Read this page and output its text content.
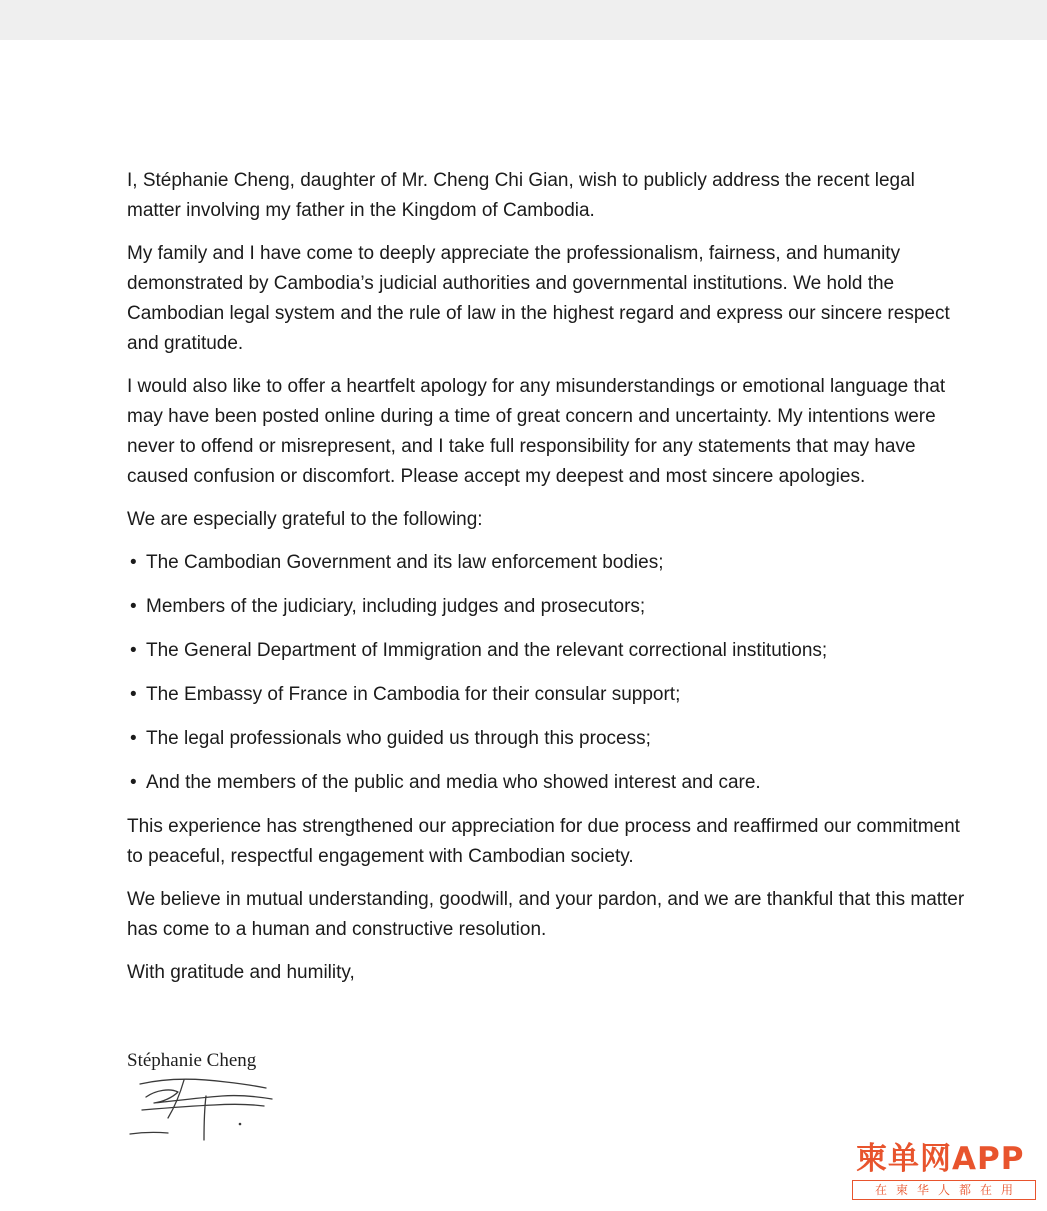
I, Stéphanie Cheng, daughter of Mr. Cheng Chi Gian, wish to publicly address the recent legal matter involving my father in the Kingdom of Cambodia.

My family and I have come to deeply appreciate the professionalism, fairness, and humanity demonstrated by Cambodia’s judicial authorities and governmental institutions. We hold the Cambodian legal system and the rule of law in the highest regard and express our sincere respect and gratitude.

I would also like to offer a heartfelt apology for any misunderstandings or emotional language that may have been posted online during a time of great concern and uncertainty. My intentions were never to offend or misrepresent, and I take full responsibility for any statements that may have caused confusion or discomfort. Please accept my deepest and most sincere apologies.

We are especially grateful to the following:

• The Cambodian Government and its law enforcement bodies;
• Members of the judiciary, including judges and prosecutors;
• The General Department of Immigration and the relevant correctional institutions;
• The Embassy of France in Cambodia for their consular support;
• The legal professionals who guided us through this process;
• And the members of the public and media who showed interest and care.

This experience has strengthened our appreciation for due process and reaffirmed our commitment to peaceful, respectful engagement with Cambodian society.

We believe in mutual understanding, goodwill, and your pardon, and we are thankful that this matter has come to a human and constructive resolution.

With gratitude and humility,

Stéphanie Cheng
柬单网APP
在柬华人都在用
